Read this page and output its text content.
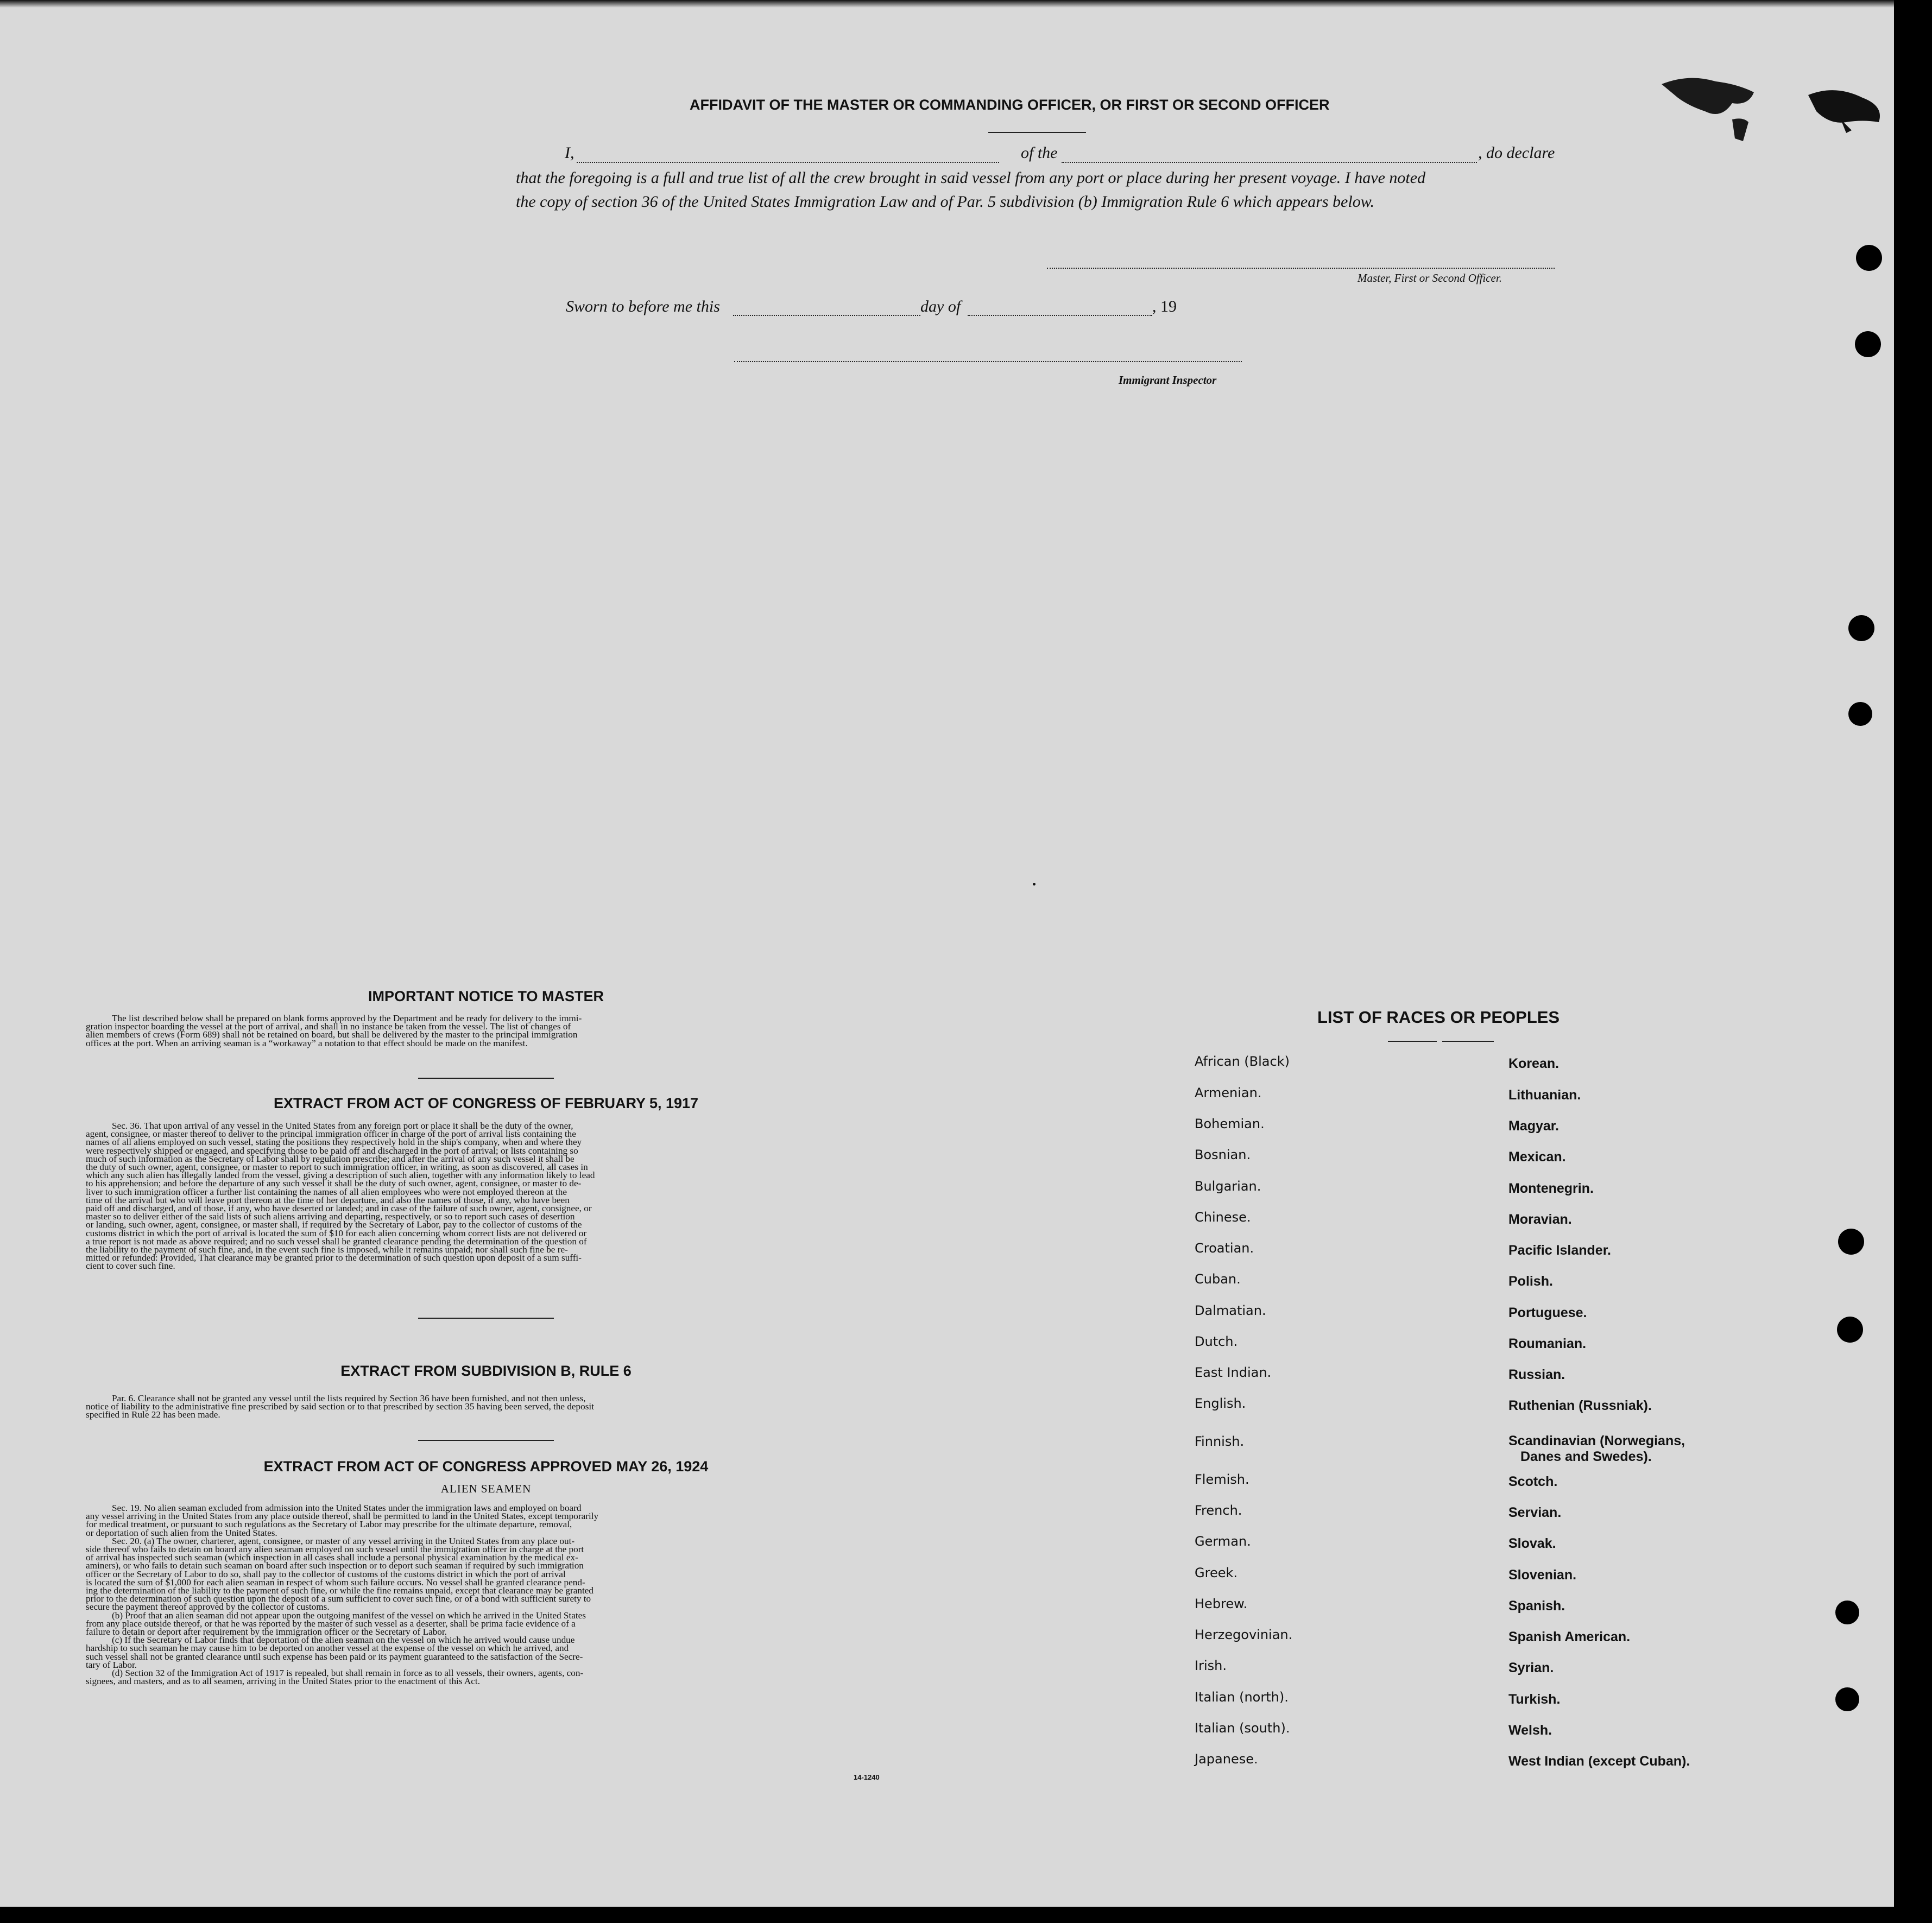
AFFIDAVIT OF THE MASTER OR COMMANDING OFFICER, OR FIRST OR SECOND OFFICER
I,	of the	, do declare
that the foregoing is a full and true list of all the crew brought in said vessel from any port or place during her present voyage. I have noted
the copy of section 36 of the United States Immigration Law and of Par. 5 subdivision (b) Immigration Rule 6 which appears below.
Master, First or Second Officer.
Sworn to before me this	day of	, 19
Immigrant Inspector
IMPORTANT NOTICE TO MASTER

The list described below shall be prepared on blank forms approved by the Department and be ready for delivery to the immi-

gration inspector boarding the vessel at the port of arrival, and shall in no instance be taken from the vessel. The list of changes of

alien members of crews (Form 689) shall not be retained on board, but shall be delivered by the master to the principal immigration

offices at the port. When an arriving seaman is a “workaway” a notation to that effect should be made on the manifest.

EXTRACT FROM ACT OF CONGRESS OF FEBRUARY 5, 1917

Sec. 36. That upon arrival of any vessel in the United States from any foreign port or place it shall be the duty of the owner,

agent, consignee, or master thereof to deliver to the principal immigration officer in charge of the port of arrival lists containing the

names of all aliens employed on such vessel, stating the positions they respectively hold in the ship's company, when and where they

were respectively shipped or engaged, and specifying those to be paid off and discharged in the port of arrival; or lists containing so

much of such information as the Secretary of Labor shall by regulation prescribe; and after the arrival of any such vessel it shall be

the duty of such owner, agent, consignee, or master to report to such immigration officer, in writing, as soon as discovered, all cases in

which any such alien has illegally landed from the vessel, giving a description of such alien, together with any information likely to lead

to his apprehension; and before the departure of any such vessel it shall be the duty of such owner, agent, consignee, or master to de-

liver to such immigration officer a further list containing the names of all alien employees who were not employed thereon at the

time of the arrival but who will leave port thereon at the time of her departure, and also the names of those, if any, who have been

paid off and discharged, and of those, if any, who have deserted or landed; and in case of the failure of such owner, agent, consignee, or

master so to deliver either of the said lists of such aliens arriving and departing, respectively, or so to report such cases of desertion

or landing, such owner, agent, consignee, or master shall, if required by the Secretary of Labor, pay to the collector of customs of the

customs district in which the port of arrival is located the sum of $10 for each alien concerning whom correct lists are not delivered or

a true report is not made as above required; and no such vessel shall be granted clearance pending the determination of the question of

the liability to the payment of such fine, and, in the event such fine is imposed, while it remains unpaid; nor shall such fine be re-

mitted or refunded: Provided, That clearance may be granted prior to the determination of such question upon deposit of a sum suffi-

cient to cover such fine.

EXTRACT FROM SUBDIVISION B, RULE 6

Par. 6. Clearance shall not be granted any vessel until the lists required by Section 36 have been furnished, and not then unless,

notice of liability to the administrative fine prescribed by said section or to that prescribed by section 35 having been served, the deposit

specified in Rule 22 has been made.

EXTRACT FROM ACT OF CONGRESS APPROVED MAY 26, 1924
ALIEN SEAMEN

Sec. 19. No alien seaman excluded from admission into the United States under the immigration laws and employed on board

any vessel arriving in the United States from any place outside thereof, shall be permitted to land in the United States, except temporarily

for medical treatment, or pursuant to such regulations as the Secretary of Labor may prescribe for the ultimate departure, removal,

or deportation of such alien from the United States.

Sec. 20. (a) The owner, charterer, agent, consignee, or master of any vessel arriving in the United States from any place out-

side thereof who fails to detain on board any alien seaman employed on such vessel until the immigration officer in charge at the port

of arrival has inspected such seaman (which inspection in all cases shall include a personal physical examination by the medical ex-

aminers), or who fails to detain such seaman on board after such inspection or to deport such seaman if required by such immigration

officer or the Secretary of Labor to do so, shall pay to the collector of customs of the customs district in which the port of arrival

is located the sum of $1,000 for each alien seaman in respect of whom such failure occurs. No vessel shall be granted clearance pend-

ing the determination of the liability to the payment of such fine, or while the fine remains unpaid, except that clearance may be granted

prior to the determination of such question upon the deposit of a sum sufficient to cover such fine, or of a bond with sufficient surety to

secure the payment thereof approved by the collector of customs.

(b) Proof that an alien seaman did not appear upon the outgoing manifest of the vessel on which he arrived in the United States

from any place outside thereof, or that he was reported by the master of such vessel as a deserter, shall be prima facie evidence of a

failure to detain or deport after requirement by the immigration officer or the Secretary of Labor.

(c) If the Secretary of Labor finds that deportation of the alien seaman on the vessel on which he arrived would cause undue

hardship to such seaman he may cause him to be deported on another vessel at the expense of the vessel on which he arrived, and

such vessel shall not be granted clearance until such expense has been paid or its payment guaranteed to the satisfaction of the Secre-

tary of Labor.

(d) Section 32 of the Immigration Act of 1917 is repealed, but shall remain in force as to all vessels, their owners, agents, con-

signees, and masters, and as to all seamen, arriving in the United States prior to the enactment of this Act.

14-1240
LIST OF RACES OR PEOPLES
African (Black)
Armenian.
Bohemian.
Bosnian.
Bulgarian.
Chinese.
Croatian.
Cuban.
Dalmatian.
Dutch.
East Indian.
English.
Finnish.
Flemish.
French.
German.
Greek.
Hebrew.
Herzegovinian.
Irish.
Italian (north).
Italian (south).
Japanese.
Korean.
Lithuanian.
Magyar.
Mexican.
Montenegrin.
Moravian.
Pacific Islander.
Polish.
Portuguese.
Roumanian.
Russian.
Ruthenian (Russniak).
Scandinavian (Norwegians,
Scotch.
Servian.
Slovak.
Slovenian.
Spanish.
Spanish American.
Syrian.
Turkish.
Welsh.
West Indian (except Cuban).
Danes and Swedes).
